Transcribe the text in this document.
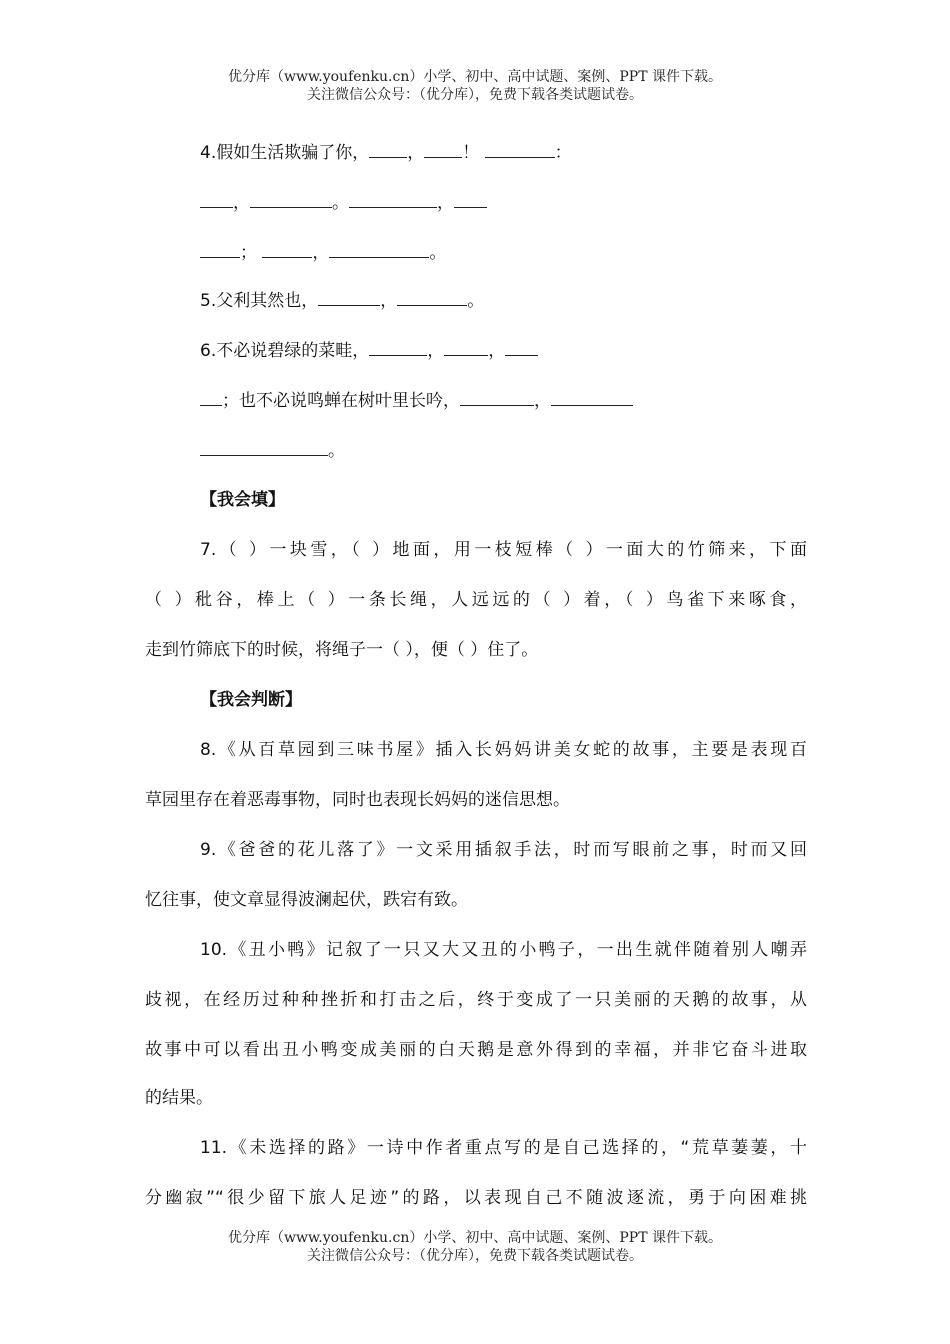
优分库（www.youfenku.cn）小学、初中、高中试题、案例、PPT 课件下载。
关注微信公众号：（优分库），免费下载各类试题试卷。
4.假如生活欺骗了你， ， ！	：
，	。	，
；	，	。
5.父利其然也，	，	。
6.不必说碧绿的菜畦，	，	，
；也不必说鸣蝉在树叶里长吟，	，
。
【我会填】
7.（ ）一块雪，（ ）地面，用一枝短棒（ ）一面大的竹筛来，下面
（ ）秕谷，棒上（ ）一条长绳，人远远的（ ）着，（ ）鸟雀下来啄食，
走到竹筛底下的时候，将绳子一（ ），便（ ）住了。
【我会判断】
8.《从百草园到三味书屋》插入长妈妈讲美女蛇的故事，主要是表现百
草园里存在着恶毒事物，同时也表现长妈妈的迷信思想。
9.《爸爸的花儿落了》一文采用插叙手法，时而写眼前之事，时而又回
忆往事，使文章显得波澜起伏，跌宕有致。
10.《丑小鸭》记叙了一只又大又丑的小鸭子，一出生就伴随着别人嘲弄
歧视，在经历过种种挫折和打击之后，终于变成了一只美丽的天鹅的故事，从
故事中可以看出丑小鸭变成美丽的白天鹅是意外得到的幸福，并非它奋斗进取
的结果。
11.《未选择的路》一诗中作者重点写的是自己选择的，“荒草萋萋，十
分幽寂”“很少留下旅人足迹”的路，以表现自己不随波逐流，勇于向困难挑
优分库（www.youfenku.cn）小学、初中、高中试题、案例、PPT 课件下载。
关注微信公众号：（优分库），免费下载各类试题试卷。
